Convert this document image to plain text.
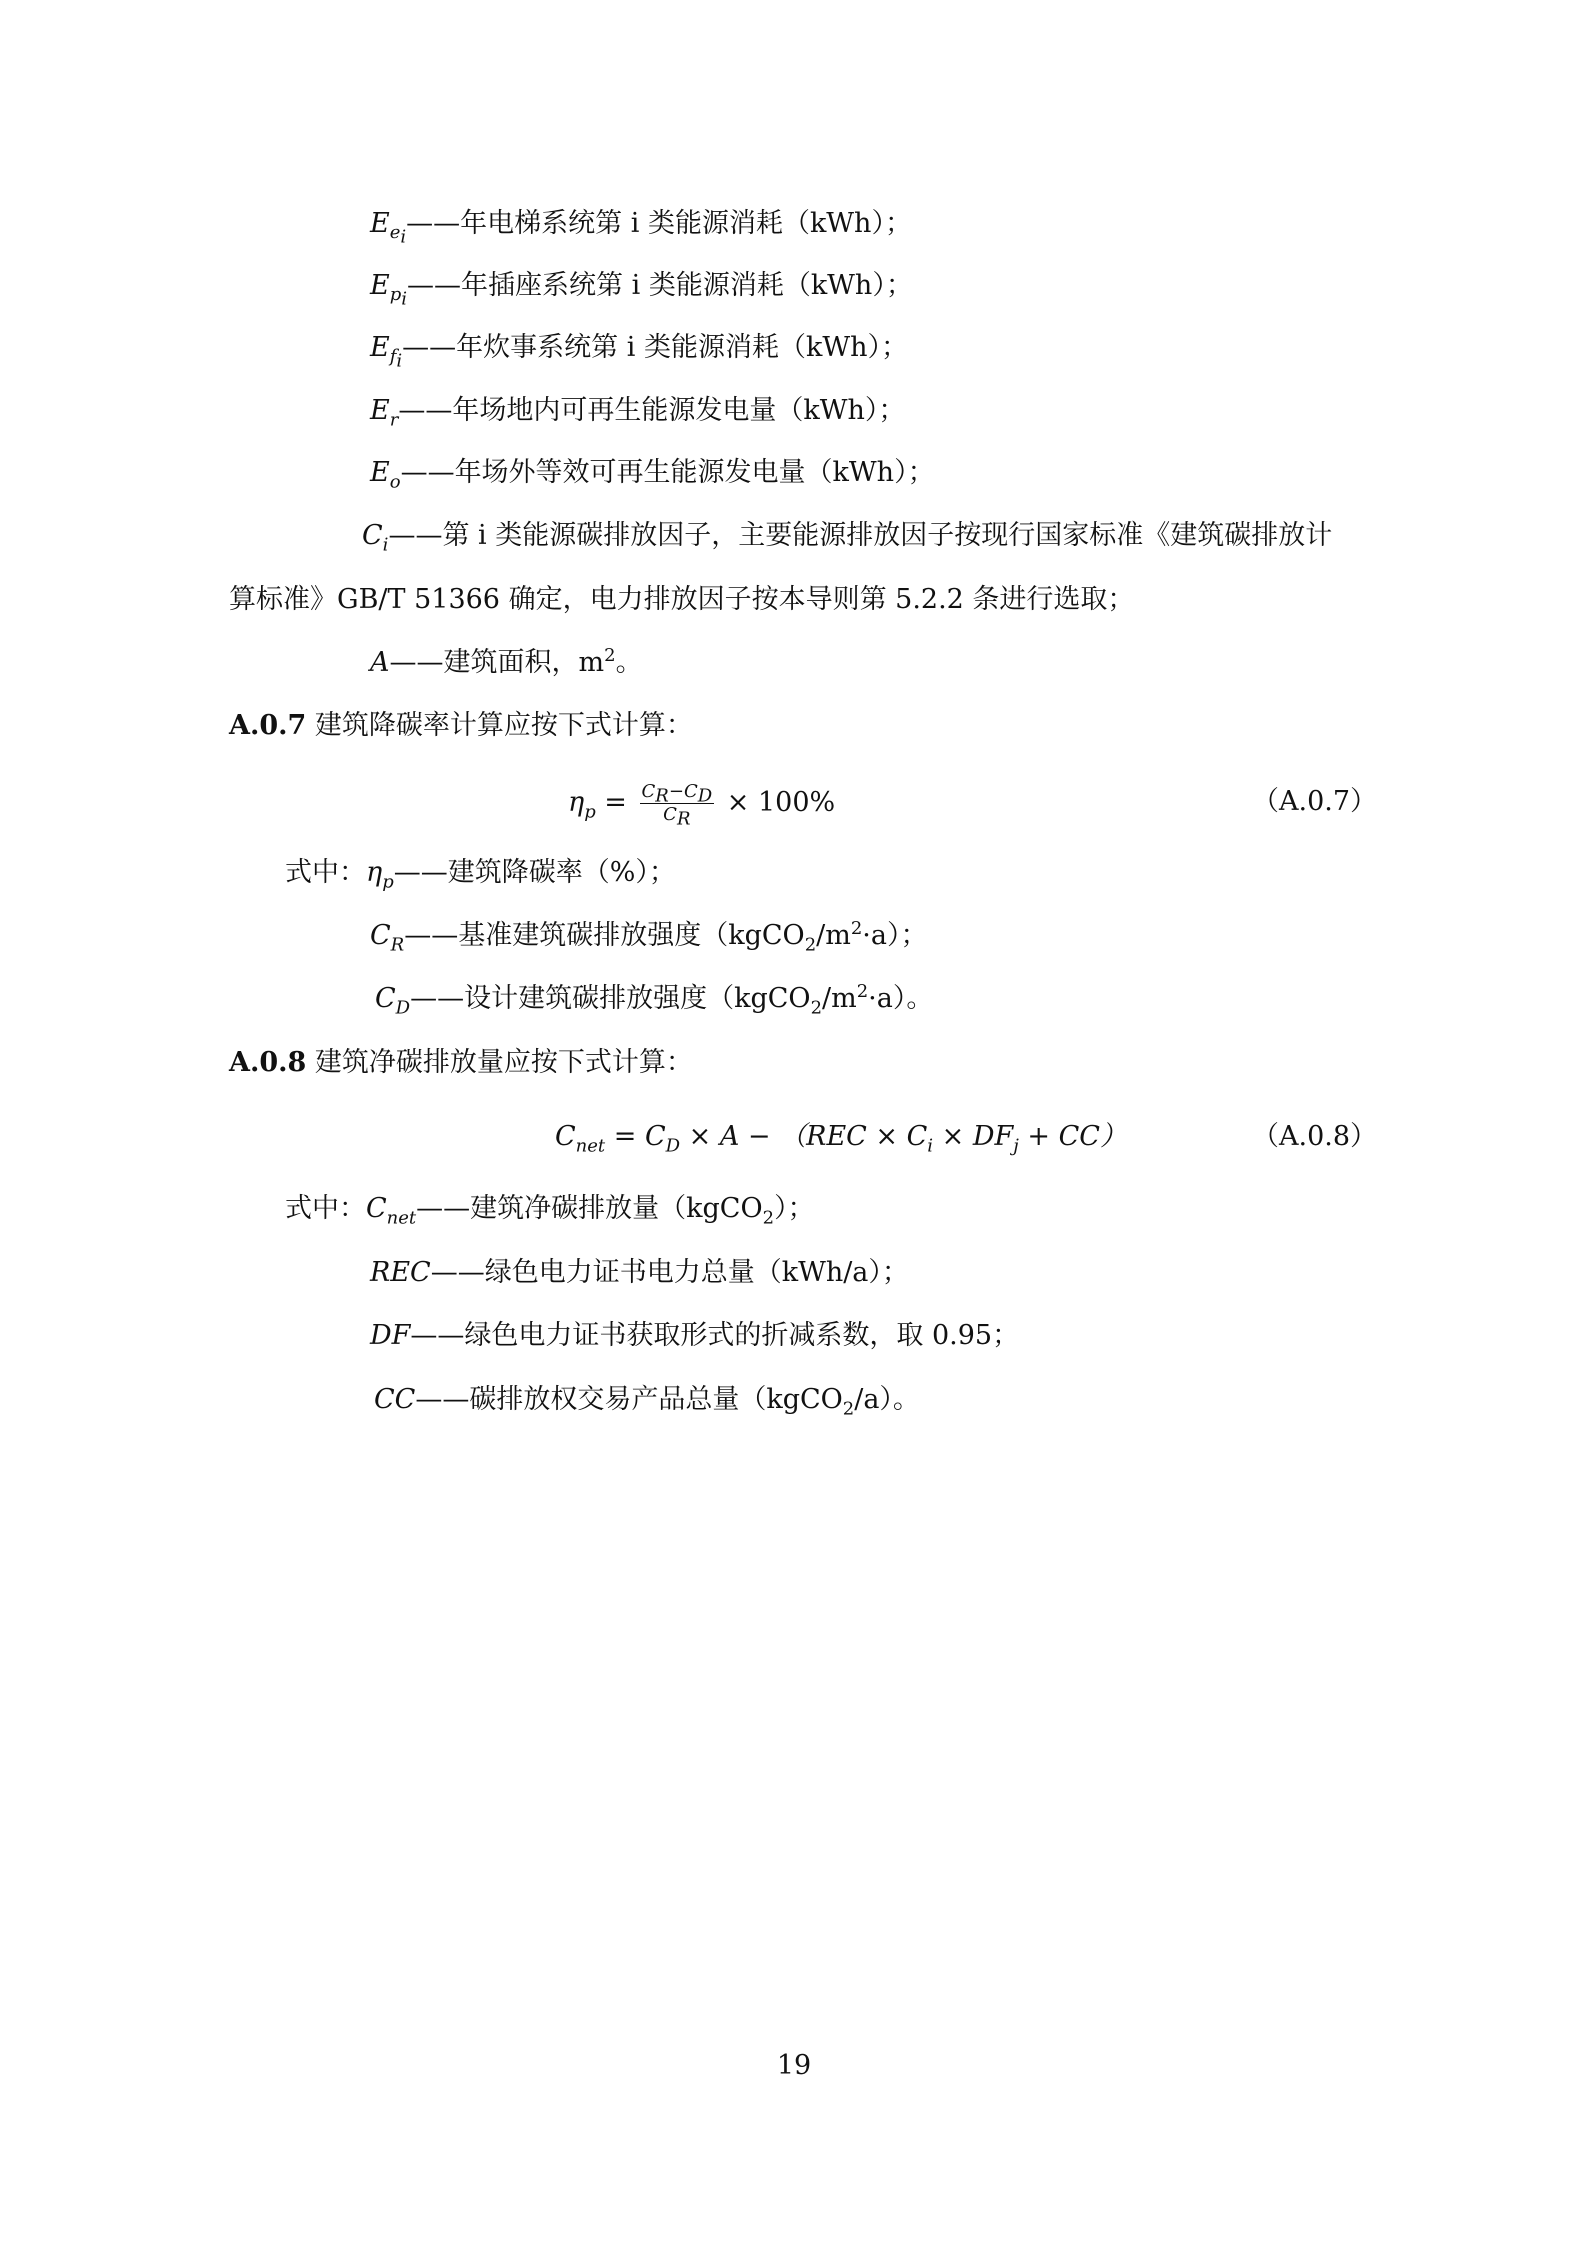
$E_{e_i}——$年电梯系统第 i 类能源消耗（kWh）；
$E_{p_i}——$年插座系统第 i 类能源消耗（kWh）；
$E_{f_i}——$年炊事系统第 i 类能源消耗（kWh）；
$E_r——$年场地内可再生能源发电量（kWh）；
$E_o——$年场外等效可再生能源发电量（kWh）；
$C_i——$第 i 类能源碳排放因子，主要能源排放因子按现行国家标准《建筑碳排放计
算标准》GB/T 51366 确定，电力排放因子按本导则第 5.2.2 条进行选取；
A——建筑面积，$m^2$。
A.0.7 建筑降碳率计算应按下式计算：
$\eta_p = \frac{C_R-C_D}{C_R} \times 100\%$	（A.0.7）
式中：$\eta_p——$建筑降碳率（%）；
$C_R——$基准建筑碳排放强度$(kgCO_2/m^2\cdot a)$；
$C_D——$设计建筑碳排放强度$(kgCO_2/m^2\cdot a)$。
A.0.8 建筑净碳排放量应按下式计算：
$C_{net} = C_D \times A - (REC \times C_i \times DF_j + CC)$	（A.0.8）
式中：$C_{net}——$建筑净碳排放量（kgCO$_2$）；
REC——绿色电力证书电力总量（kWh/a）；
DF——绿色电力证书获取形式的折减系数，取 0.95；
CC——碳排放权交易产品总量（kgCO$_2$/a）。
19
